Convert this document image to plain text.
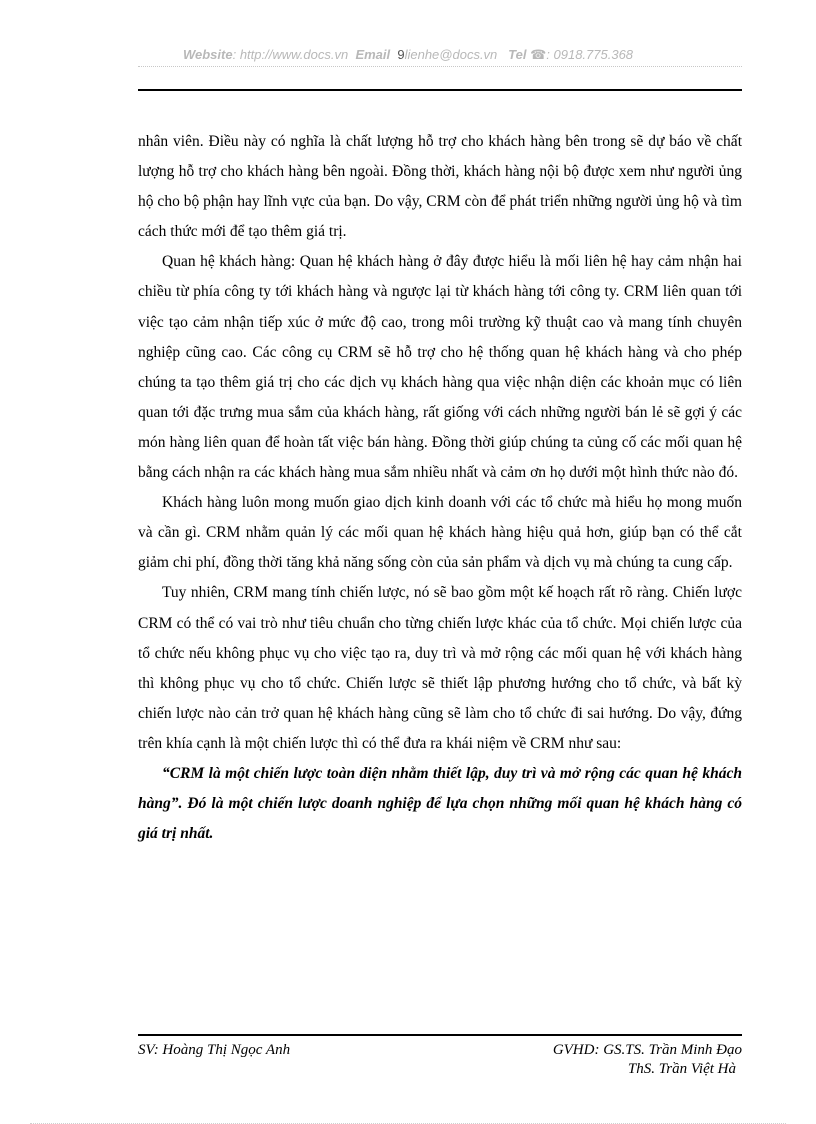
Website: http://www.docs.vn Email 9lienhe@docs.vn Tel ☎: 0918.775.368

nhân viên. Điều này có nghĩa là chất lượng hỗ trợ cho khách hàng bên trong sẽ dự báo về chất lượng hỗ trợ cho khách hàng bên ngoài. Đồng thời, khách hàng nội bộ được xem như người ủng hộ cho bộ phận hay lĩnh vực của bạn. Do vậy, CRM còn để phát triển những người ủng hộ và tìm cách thức mới để tạo thêm giá trị.

Quan hệ khách hàng: Quan hệ khách hàng ở đây được hiểu là mối liên hệ hay cảm nhận hai chiều từ phía công ty tới khách hàng và ngược lại từ khách hàng tới công ty. CRM liên quan tới việc tạo cảm nhận tiếp xúc ở mức độ cao, trong môi trường kỹ thuật cao và mang tính chuyên nghiệp cũng cao. Các công cụ CRM sẽ hỗ trợ cho hệ thống quan hệ khách hàng và cho phép chúng ta tạo thêm giá trị cho các dịch vụ khách hàng qua việc nhận diện các khoản mục có liên quan tới đặc trưng mua sắm của khách hàng, rất giống với cách những người bán lẻ sẽ gợi ý các món hàng liên quan để hoàn tất việc bán hàng. Đồng thời giúp chúng ta củng cố các mối quan hệ bằng cách nhận ra các khách hàng mua sắm nhiều nhất và cảm ơn họ dưới một hình thức nào đó.

Khách hàng luôn mong muốn giao dịch kinh doanh với các tổ chức mà hiểu họ mong muốn và cần gì. CRM nhằm quản lý các mối quan hệ khách hàng hiệu quả hơn, giúp bạn có thể cắt giảm chi phí, đồng thời tăng khả năng sống còn của sản phẩm và dịch vụ mà chúng ta cung cấp.

Tuy nhiên, CRM mang tính chiến lược, nó sẽ bao gồm một kế hoạch rất rõ ràng. Chiến lược CRM có thể có vai trò như tiêu chuẩn cho từng chiến lược khác của tổ chức. Mọi chiến lược của tổ chức nếu không phục vụ cho việc tạo ra, duy trì và mở rộng các mối quan hệ với khách hàng thì không phục vụ cho tổ chức. Chiến lược sẽ thiết lập phương hướng cho tổ chức, và bất kỳ chiến lược nào cản trở quan hệ khách hàng cũng sẽ làm cho tổ chức đi sai hướng. Do vậy, đứng trên khía cạnh là một chiến lược thì có thể đưa ra khái niệm về CRM như sau:

“CRM là một chiến lược toàn diện nhằm thiết lập, duy trì và mở rộng các quan hệ khách hàng”. Đó là một chiến lược doanh nghiệp để lựa chọn những mối quan hệ khách hàng có giá trị nhất.

SV: Hoàng Thị Ngọc Anh	GVHD: GS.TS. Trần Minh Đạo
ThS. Trần Việt Hà
